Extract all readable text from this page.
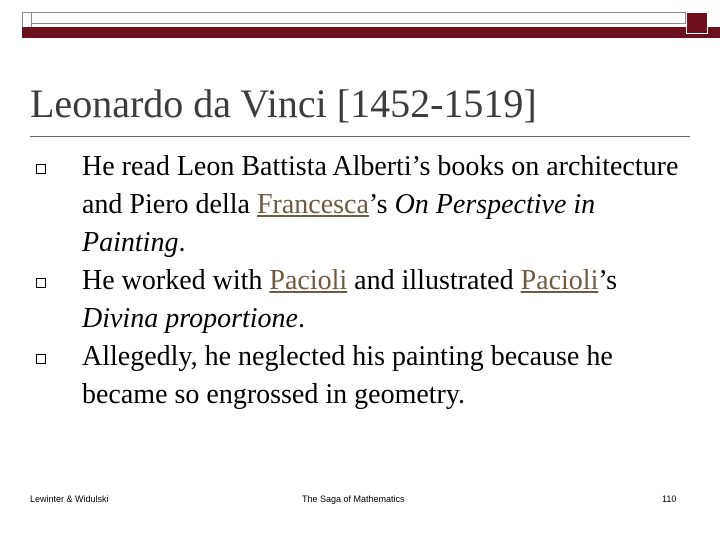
Leonardo da Vinci [1452-1519]
He read Leon Battista Alberti’s books on architecture and Piero della Francesca’s On Perspective in Painting.
He worked with Pacioli and illustrated Pacioli’s Divina proportione.
Allegedly, he neglected his painting because he became so engrossed in geometry.
Lewinter & Widulski	The Saga of Mathematics	110
